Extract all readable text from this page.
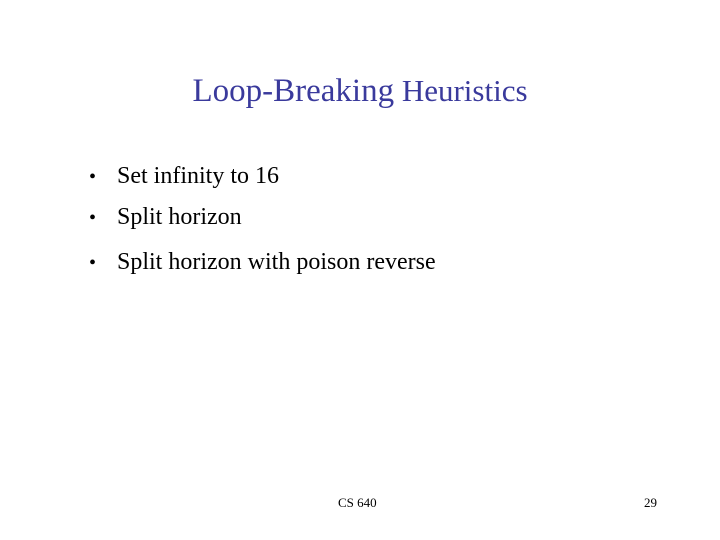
Loop-Breaking Heuristics
• Set infinity to 16
• Split horizon
• Split horizon with poison reverse
CS 640	29
